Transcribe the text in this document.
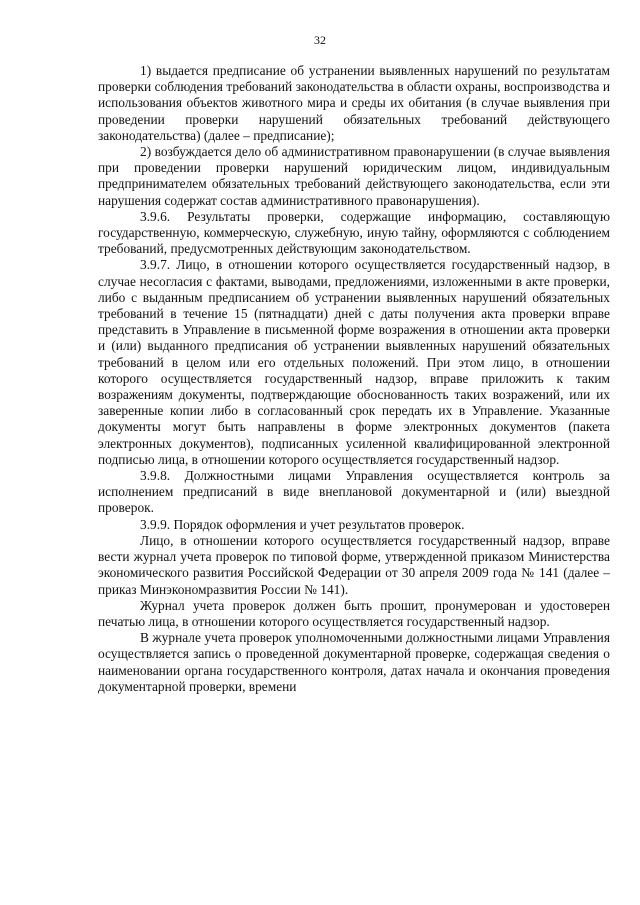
32

1) выдается предписание об устранении выявленных нарушений по результатам проверки соблюдения требований законодательства в области охраны, воспроизводства и использования объектов животного мира и среды их обитания (в случае выявления при проведении проверки нарушений обязательных требований действующего законодательства) (далее – предписание);

2) возбуждается дело об административном правонарушении (в случае выявления при проведении проверки нарушений юридическим лицом, индивидуальным предпринимателем обязательных требований действующего законодательства, если эти нарушения содержат состав административного правонарушения).

3.9.6. Результаты проверки, содержащие информацию, составляющую государственную, коммерческую, служебную, иную тайну, оформляются с соблюдением требований, предусмотренных действующим законодательством.

3.9.7. Лицо, в отношении которого осуществляется государственный надзор, в случае несогласия с фактами, выводами, предложениями, изложенными в акте проверки, либо с выданным предписанием об устранении выявленных нарушений обязательных требований в течение 15 (пятнадцати) дней с даты получения акта проверки вправе представить в Управление в письменной форме возражения в отношении акта проверки и (или) выданного предписания об устранении выявленных нарушений обязательных требований в целом или его отдельных положений. При этом лицо, в отношении которого осуществляется государственный надзор, вправе приложить к таким возражениям документы, подтверждающие обоснованность таких возражений, или их заверенные копии либо в согласованный срок передать их в Управление. Указанные документы могут быть направлены в форме электронных документов (пакета электронных документов), подписанных усиленной квалифицированной электронной подписью лица, в отношении которого осуществляется государственный надзор.

3.9.8. Должностными лицами Управления осуществляется контроль за исполнением предписаний в виде внеплановой документарной и (или) выездной проверок.

3.9.9. Порядок оформления и учет результатов проверок.

Лицо, в отношении которого осуществляется государственный надзор, вправе вести журнал учета проверок по типовой форме, утвержденной приказом Министерства экономического развития Российской Федерации от 30 апреля 2009 года № 141 (далее – приказ Минэкономразвития России № 141).

Журнал учета проверок должен быть прошит, пронумерован и удостоверен печатью лица, в отношении которого осуществляется государственный надзор.

В журнале учета проверок уполномоченными должностными лицами Управления осуществляется запись о проведенной документарной проверке, содержащая сведения о наименовании органа государственного контроля, датах начала и окончания проведения документарной проверки, времени
